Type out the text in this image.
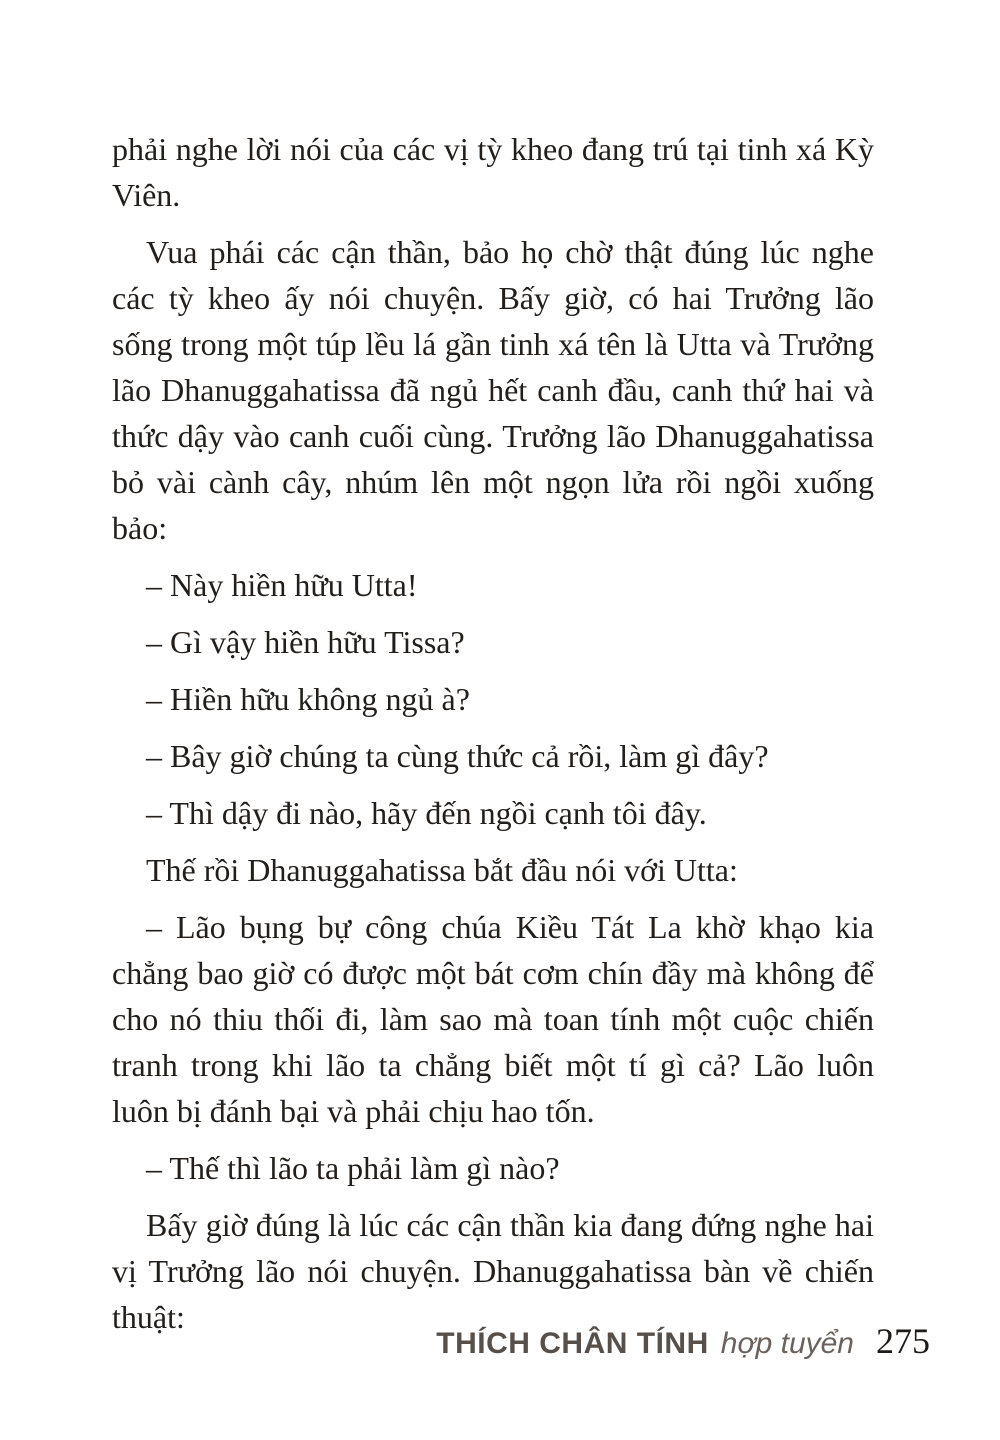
phải nghe lời nói của các vị tỳ kheo đang trú tại tinh xá Kỳ Viên.

Vua phái các cận thần, bảo họ chờ thật đúng lúc nghe các tỳ kheo ấy nói chuyện. Bấy giờ, có hai Trưởng lão sống trong một túp lều lá gần tinh xá tên là Utta và Trưởng lão Dhanuggahatissa đã ngủ hết canh đầu, canh thứ hai và thức dậy vào canh cuối cùng. Trưởng lão Dhanuggahatissa bỏ vài cành cây, nhúm lên một ngọn lửa rồi ngồi xuống bảo:

– Này hiền hữu Utta!

– Gì vậy hiền hữu Tissa?

– Hiền hữu không ngủ à?

– Bây giờ chúng ta cùng thức cả rồi, làm gì đây?

– Thì dậy đi nào, hãy đến ngồi cạnh tôi đây.

Thế rồi Dhanuggahatissa bắt đầu nói với Utta:

– Lão bụng bự công chúa Kiều Tát La khờ khạo kia chẳng bao giờ có được một bát cơm chín đầy mà không để cho nó thiu thối đi, làm sao mà toan tính một cuộc chiến tranh trong khi lão ta chẳng biết một tí gì cả? Lão luôn luôn bị đánh bại và phải chịu hao tốn.

– Thế thì lão ta phải làm gì nào?

Bấy giờ đúng là lúc các cận thần kia đang đứng nghe hai vị Trưởng lão nói chuyện. Dhanuggahatissa bàn về chiến thuật:

THÍCH CHÂN TÍNH hợp tuyển 275
